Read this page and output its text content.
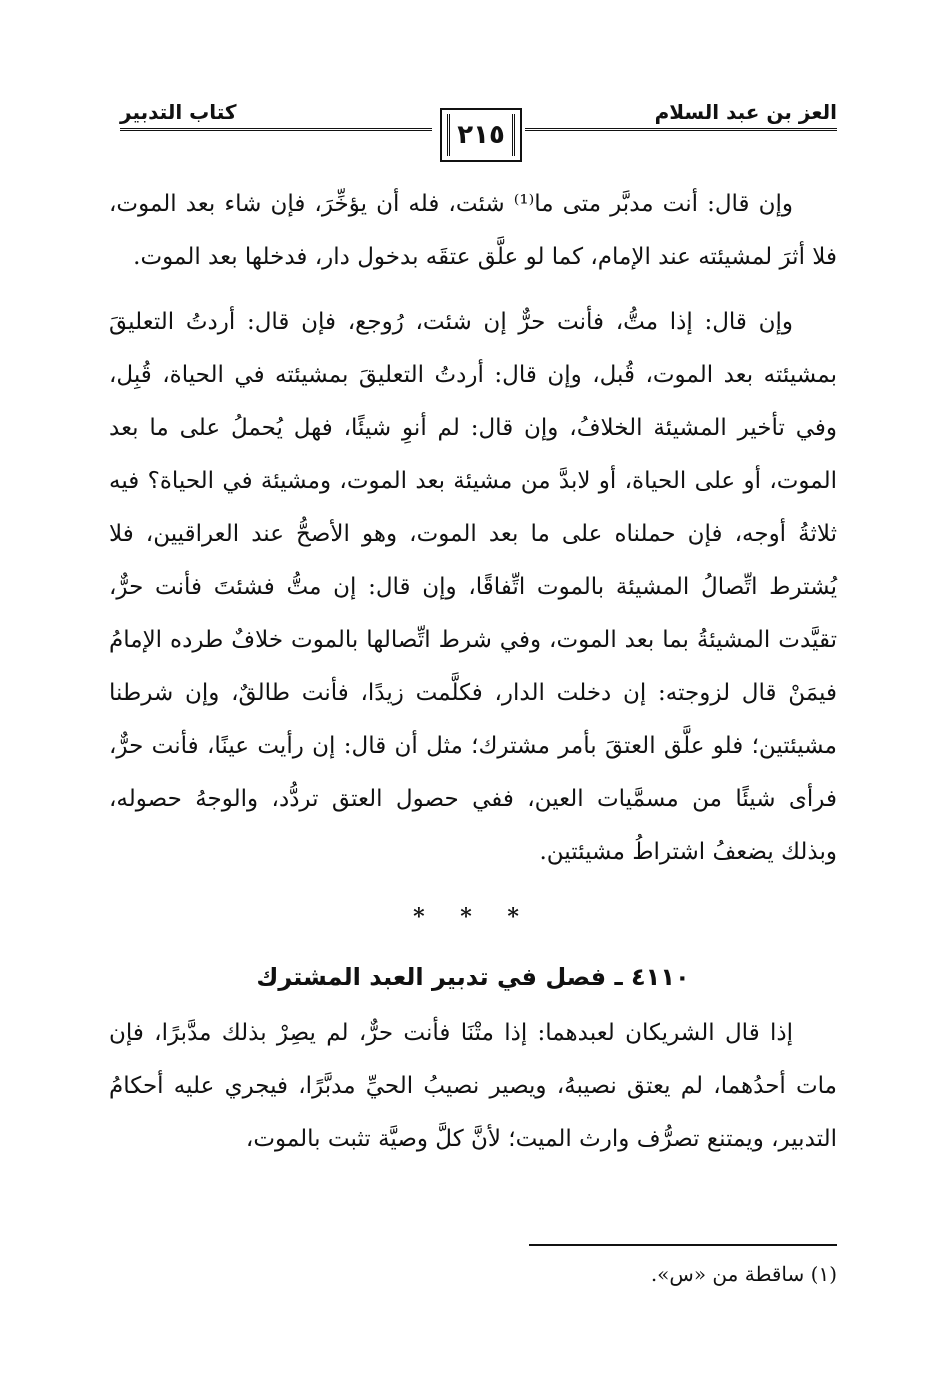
العز بن عبد السلام
٢١٥
كتاب التدبير

وإن قال: أنت مدبَّر متى ما⁽¹⁾ شئت، فله أن يؤخِّرَ، فإن شاء بعد الموت، فلا أثرَ لمشيئته عند الإمام، كما لو علَّق عتقَه بدخول دار، فدخلها بعد الموت.

وإن قال: إذا متُّ، فأنت حرٌّ إن شئت، رُوجع، فإن قال: أردتُ التعليقَ بمشيئته بعد الموت، قُبل، وإن قال: أردتُ التعليقَ بمشيئته في الحياة، قُبِل، وفي تأخير المشيئة الخلافُ، وإن قال: لم أنوِ شيئًا، فهل يُحملُ على ما بعد الموت، أو على الحياة، أو لابدَّ من مشيئة بعد الموت، ومشيئة في الحياة؟ فيه ثلاثةُ أوجه، فإن حملناه على ما بعد الموت، وهو الأصحُّ عند العراقيين، فلا يُشترط اتِّصالُ المشيئة بالموت اتِّفاقًا، وإن قال: إن متُّ فشئتَ فأنت حرٌّ، تقيَّدت المشيئةُ بما بعد الموت، وفي شرط اتِّصالها بالموت خلافٌ طرده الإمامُ فيمَنْ قال لزوجته: إن دخلت الدار، فكلَّمت زيدًا، فأنت طالقٌ، وإن شرطنا مشيئتين؛ فلو علَّق العتقَ بأمر مشترك؛ مثل أن قال: إن رأيت عينًا، فأنت حرٌّ، فرأى شيئًا من مسمَّيات العين، ففي حصول العتق تردُّد، والوجهُ حصوله، وبذلك يضعفُ اشتراطُ مشيئتين.

* * *
٤١١٠ ـ فصل في تدبير العبد المشترك

إذا قال الشريكان لعبدهما: إذا متْنَا فأنت حرٌّ، لم يصِرْ بذلك مدَّبرًا، فإن مات أحدُهما، لم يعتق نصيبهُ، ويصير نصيبُ الحيِّ مدبَّرًا، فيجري عليه أحكامُ التدبير، ويمتنع تصرُّف وارث الميت؛ لأنَّ كلَّ وصيَّة تثبت بالموت،

(١) ساقطة من «س».
